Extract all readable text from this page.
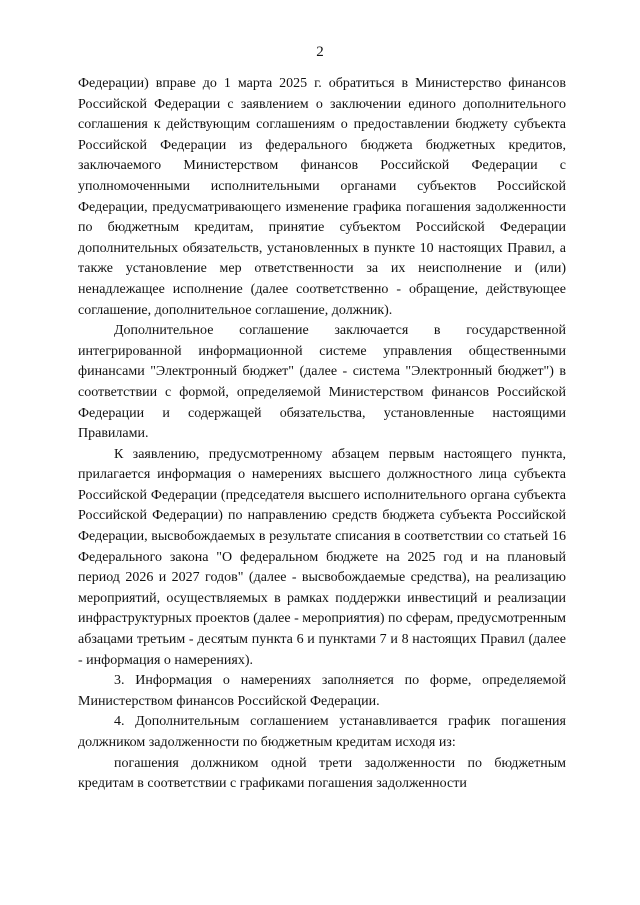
2

Федерации) вправе до 1 марта 2025 г. обратиться в Министерство финансов Российской Федерации с заявлением о заключении единого дополнительного соглашения к действующим соглашениям о предоставлении бюджету субъекта Российской Федерации из федерального бюджета бюджетных кредитов, заключаемого Министерством финансов Российской Федерации с уполномоченными исполнительными органами субъектов Российской Федерации, предусматривающего изменение графика погашения задолженности по бюджетным кредитам, принятие субъектом Российской Федерации дополнительных обязательств, установленных в пункте 10 настоящих Правил, а также установление мер ответственности за их неисполнение и (или) ненадлежащее исполнение (далее соответственно - обращение, действующее соглашение, дополнительное соглашение, должник).

Дополнительное соглашение заключается в государственной интегрированной информационной системе управления общественными финансами "Электронный бюджет" (далее - система "Электронный бюджет") в соответствии с формой, определяемой Министерством финансов Российской Федерации и содержащей обязательства, установленные настоящими Правилами.

К заявлению, предусмотренному абзацем первым настоящего пункта, прилагается информация о намерениях высшего должностного лица субъекта Российской Федерации (председателя высшего исполнительного органа субъекта Российской Федерации) по направлению средств бюджета субъекта Российской Федерации, высвобождаемых в результате списания в соответствии со статьей 16 Федерального закона "О федеральном бюджете на 2025 год и на плановый период 2026 и 2027 годов" (далее - высвобождаемые средства), на реализацию мероприятий, осуществляемых в рамках поддержки инвестиций и реализации инфраструктурных проектов (далее - мероприятия) по сферам, предусмотренным абзацами третьим - десятым пункта 6 и пунктами 7 и 8 настоящих Правил (далее - информация о намерениях).

3. Информация о намерениях заполняется по форме, определяемой Министерством финансов Российской Федерации.

4. Дополнительным соглашением устанавливается график погашения должником задолженности по бюджетным кредитам исходя из:

погашения должником одной трети задолженности по бюджетным кредитам в соответствии с графиками погашения задолженности
